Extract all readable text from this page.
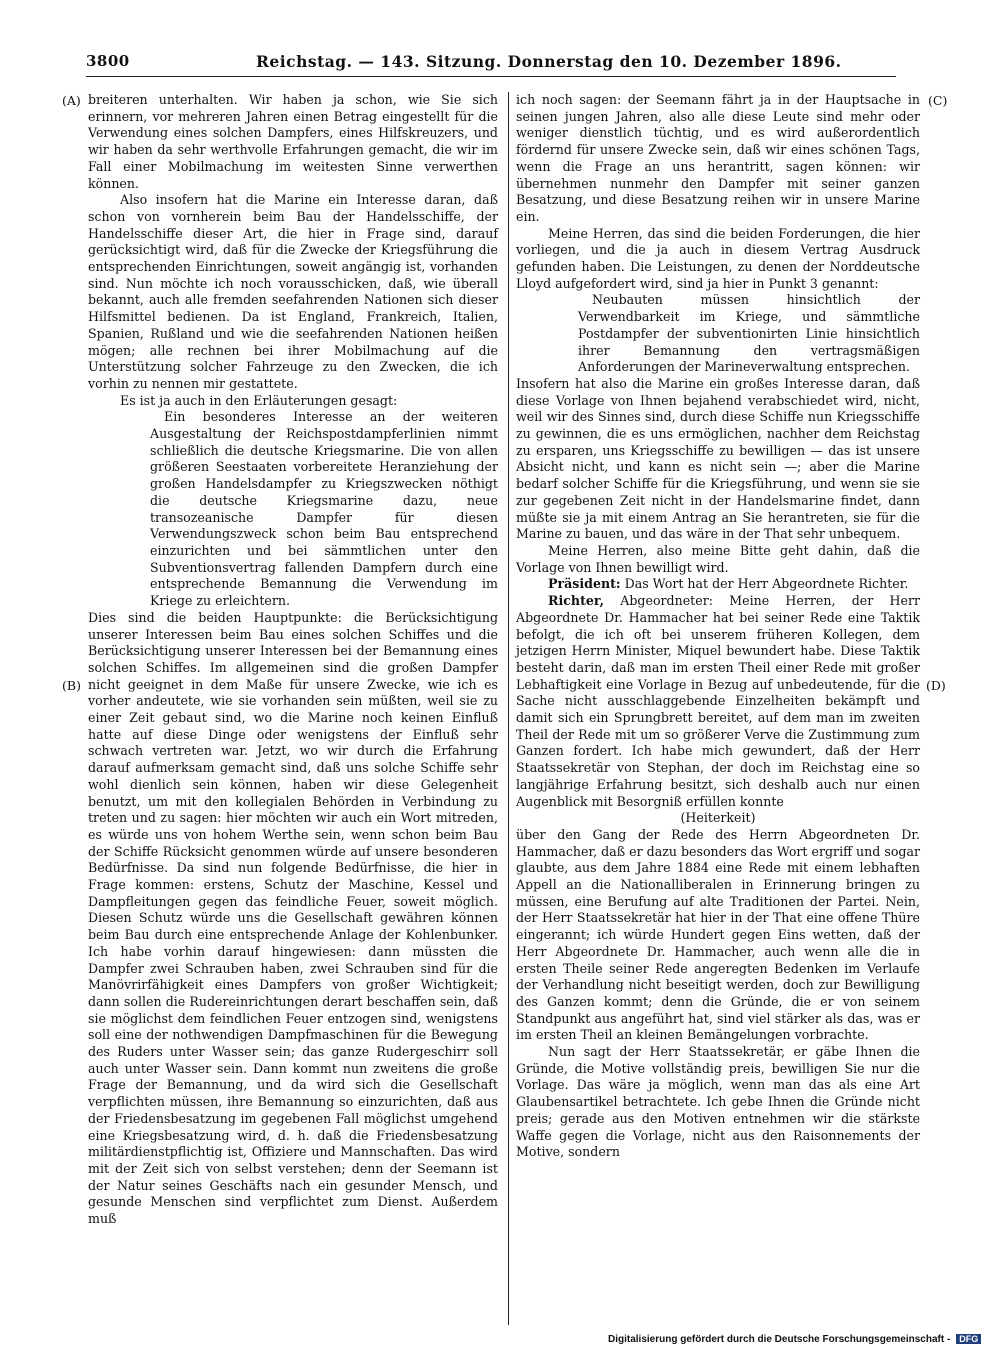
3800	Reichstag. — 143. Sitzung. Donnerstag den 10. Dezember 1896.
(A)
(B)
(C)
(D)

breiteren unterhalten. Wir haben ja schon, wie Sie sich erinnern, vor mehreren Jahren einen Betrag eingestellt für die Verwendung eines solchen Dampfers, eines Hilfskreuzers, und wir haben da sehr werthvolle Erfahrungen gemacht, die wir im Fall einer Mobilmachung im weitesten Sinne verwerthen können.

Also insofern hat die Marine ein Interesse daran, daß schon von vornherein beim Bau der Handelsschiffe, der Handelsschiffe dieser Art, die hier in Frage sind, darauf gerücksichtigt wird, daß für die Zwecke der Kriegsführung die entsprechenden Einrichtungen, soweit angängig ist, vorhanden sind. Nun möchte ich noch vorausschicken, daß, wie überall bekannt, auch alle fremden seefahrenden Nationen sich dieser Hilfsmittel bedienen. Da ist England, Frankreich, Italien, Spanien, Rußland und wie die seefahrenden Nationen heißen mögen; alle rechnen bei ihrer Mobilmachung auf die Unterstützung solcher Fahrzeuge zu den Zwecken, die ich vorhin zu nennen mir gestattete.

Es ist ja auch in den Erläuterungen gesagt:

Ein besonderes Interesse an der weiteren Ausgestaltung der Reichspostdampferlinien nimmt schließlich die deutsche Kriegsmarine. Die von allen größeren Seestaaten vorbereitete Heranziehung der großen Handelsdampfer zu Kriegszwecken nöthigt die deutsche Kriegsmarine dazu, neue transozeanische Dampfer für diesen Verwendungszweck schon beim Bau entsprechend einzurichten und bei sämmtlichen unter den Subventionsvertrag fallenden Dampfern durch eine entsprechende Bemannung die Verwendung im Kriege zu erleichtern.

Dies sind die beiden Hauptpunkte: die Berücksichtigung unserer Interessen beim Bau eines solchen Schiffes und die Berücksichtigung unserer Interessen bei der Bemannung eines solchen Schiffes. Im allgemeinen sind die großen Dampfer nicht geeignet in dem Maße für unsere Zwecke, wie ich es vorher andeutete, wie sie vorhanden sein müßten, weil sie zu einer Zeit gebaut sind, wo die Marine noch keinen Einfluß hatte auf diese Dinge oder wenigstens der Einfluß sehr schwach vertreten war. Jetzt, wo wir durch die Erfahrung darauf aufmerksam gemacht sind, daß uns solche Schiffe sehr wohl dienlich sein können, haben wir diese Gelegenheit benutzt, um mit den kollegialen Behörden in Verbindung zu treten und zu sagen: hier möchten wir auch ein Wort mitreden, es würde uns von hohem Werthe sein, wenn schon beim Bau der Schiffe Rücksicht genommen würde auf unsere besonderen Bedürfnisse. Da sind nun folgende Bedürfnisse, die hier in Frage kommen: erstens, Schutz der Maschine, Kessel und Dampfleitungen gegen das feindliche Feuer, soweit möglich. Diesen Schutz würde uns die Gesellschaft gewähren können beim Bau durch eine entsprechende Anlage der Kohlenbunker. Ich habe vorhin darauf hingewiesen: dann müssten die Dampfer zwei Schrauben haben, zwei Schrauben sind für die Manövrirfähigkeit eines Dampfers von großer Wichtigkeit; dann sollen die Rudereinrichtungen derart beschaffen sein, daß sie möglichst dem feindlichen Feuer entzogen sind, wenigstens soll eine der nothwendigen Dampfmaschinen für die Bewegung des Ruders unter Wasser sein; das ganze Rudergeschirr soll auch unter Wasser sein. Dann kommt nun zweitens die große Frage der Bemannung, und da wird sich die Gesellschaft verpflichten müssen, ihre Bemannung so einzurichten, daß aus der Friedensbesatzung im gegebenen Fall möglichst umgehend eine Kriegsbesatzung wird, d. h. daß die Friedensbesatzung militärdienstpflichtig ist, Offiziere und Mannschaften. Das wird mit der Zeit sich von selbst verstehen; denn der Seemann ist der Natur seines Geschäfts nach ein gesunder Mensch, und gesunde Menschen sind verpflichtet zum Dienst. Außerdem muß

ich noch sagen: der Seemann fährt ja in der Hauptsache in seinen jungen Jahren, also alle diese Leute sind mehr oder weniger dienstlich tüchtig, und es wird außerordentlich fördernd für unsere Zwecke sein, daß wir eines schönen Tags, wenn die Frage an uns herantritt, sagen können: wir übernehmen nunmehr den Dampfer mit seiner ganzen Besatzung, und diese Besatzung reihen wir in unsere Marine ein.

Meine Herren, das sind die beiden Forderungen, die hier vorliegen, und die ja auch in diesem Vertrag Ausdruck gefunden haben. Die Leistungen, zu denen der Norddeutsche Lloyd aufgefordert wird, sind ja hier in Punkt 3 genannt:

Neubauten müssen hinsichtlich der Verwendbarkeit im Kriege, und sämmtliche Postdampfer der subventionirten Linie hinsichtlich ihrer Bemannung den vertragsmäßigen Anforderungen der Marineverwaltung entsprechen.

Insofern hat also die Marine ein großes Interesse daran, daß diese Vorlage von Ihnen bejahend verabschiedet wird, nicht, weil wir des Sinnes sind, durch diese Schiffe nun Kriegsschiffe zu gewinnen, die es uns ermöglichen, nachher dem Reichstag zu ersparen, uns Kriegsschiffe zu bewilligen — das ist unsere Absicht nicht, und kann es nicht sein —; aber die Marine bedarf solcher Schiffe für die Kriegsführung, und wenn sie sie zur gegebenen Zeit nicht in der Handelsmarine findet, dann müßte sie ja mit einem Antrag an Sie herantreten, sie für die Marine zu bauen, und das wäre in der That sehr unbequem.

Meine Herren, also meine Bitte geht dahin, daß die Vorlage von Ihnen bewilligt wird.

Präsident: Das Wort hat der Herr Abgeordnete Richter.

Richter, Abgeordneter: Meine Herren, der Herr Abgeordnete Dr. Hammacher hat bei seiner Rede eine Taktik befolgt, die ich oft bei unserem früheren Kollegen, dem jetzigen Herrn Minister, Miquel bewundert habe. Diese Taktik besteht darin, daß man im ersten Theil einer Rede mit großer Lebhaftigkeit eine Vorlage in Bezug auf unbedeutende, für die Sache nicht ausschlaggebende Einzelheiten bekämpft und damit sich ein Sprungbrett bereitet, auf dem man im zweiten Theil der Rede mit um so größerer Verve die Zustimmung zum Ganzen fordert. Ich habe mich gewundert, daß der Herr Staatssekretär von Stephan, der doch im Reichstag eine so langjährige Erfahrung besitzt, sich deshalb auch nur einen Augenblick mit Besorgniß erfüllen konnte

(Heiterkeit)

über den Gang der Rede des Herrn Abgeordneten Dr. Hammacher, daß er dazu besonders das Wort ergriff und sogar glaubte, aus dem Jahre 1884 eine Rede mit einem lebhaften Appell an die Nationalliberalen in Erinnerung bringen zu müssen, eine Berufung auf alte Traditionen der Partei. Nein, der Herr Staatssekretär hat hier in der That eine offene Thüre eingerannt; ich würde Hundert gegen Eins wetten, daß der Herr Abgeordnete Dr. Hammacher, auch wenn alle die in ersten Theile seiner Rede angeregten Bedenken im Verlaufe der Verhandlung nicht beseitigt werden, doch zur Bewilligung des Ganzen kommt; denn die Gründe, die er von seinem Standpunkt aus angeführt hat, sind viel stärker als das, was er im ersten Theil an kleinen Bemängelungen vorbrachte.

Nun sagt der Herr Staatssekretär, er gäbe Ihnen die Gründe, die Motive vollständig preis, bewilligen Sie nur die Vorlage. Das wäre ja möglich, wenn man das als eine Art Glaubensartikel betrachtete. Ich gebe Ihnen die Gründe nicht preis; gerade aus den Motiven entnehmen wir die stärkste Waffe gegen die Vorlage, nicht aus den Raisonnements der Motive, sondern

Digitalisierung gefördert durch die Deutsche Forschungsgemeinschaft - DFG
